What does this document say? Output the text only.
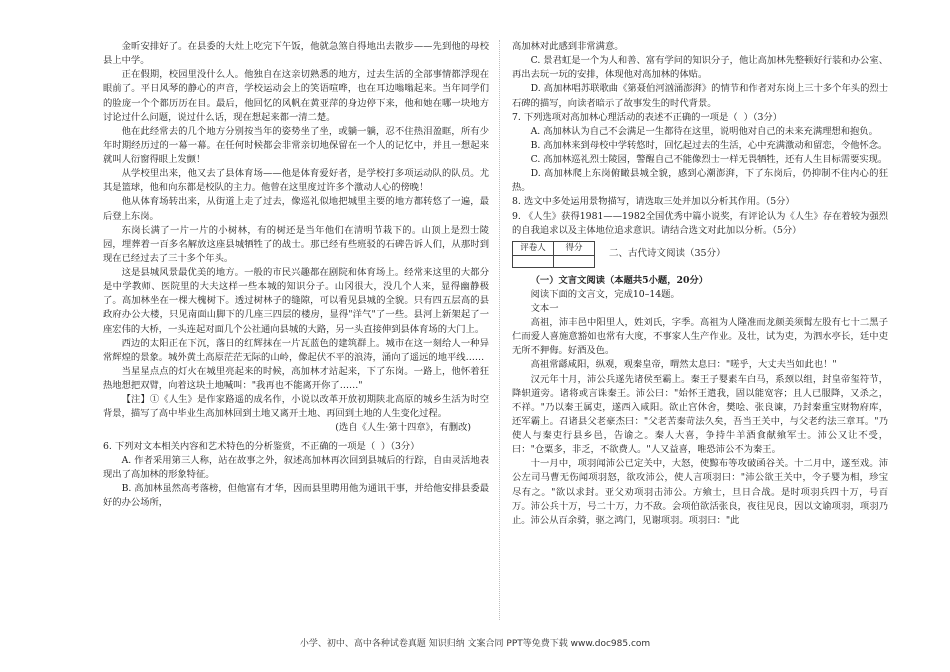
金昕安排好了。在县委的大灶上吃完下午饭，他就急煞自得地出去散步——先到他的母校县上中学。

正在假期，校园里没什么人。他独自在这亲切熟悉的地方，过去生活的全部事情都浮现在眼前了。平日风琴的静心的声音，学校运动会上的笑语喧哗，也在耳边嗡嗡起来。当年同学们的脸庞一个个都历历在目。最后，他回忆的风帆在黄亚萍的身边停下来，他和她在哪一块地方讨论过什么问题，说过什么话，现在想起来都一清二楚。

他在此经常去的几个地方分别按当年的姿势坐了坐，或躺一躺，忍不住热泪盈眶，所有少年时期经历过的一幕一幕。在任何时候都会非常亲切地保留在一个人的记忆中，并且一想起来就叫人衍窗得眼上发颤！

从学校里出来，他又去了县体育场——他是体育爱好者，是学校打多项运动队的队员。尤其是篮球，他和向东都是校队的主力。他曾在这里度过许多个激动人心的傍晚！

他从体育场转出来，从街道上走了过去，像巡礼似地把城里主要的地方都转悠了一遍，最后登上东岗。

东岗长满了一片一片的小树林，有的树还是当年他们在清明节栽下的。山顶上是烈士陵园，埋葬着一百多名解放这座县城牺牲了的战士。那已经有些班驳的石碑告诉人们，从那时到现在已经过去了三十多个年头。

这是县城风景最优美的地方。一般的市民兴趣都在剧院和体育场上。经常来这里的大都分是中学教师、医院里的大夫这样一些本城的知识分子。山冈很大，没几个人来，显得幽静极了。高加林坐在一棵大槐树下。透过树林子的缝隙，可以看见县城的全貌。只有四五层高的县政府办公大楼，只见南面山脚下的几座三四层的楼房，显得"洋气"了一些。县河上新架起了一座宏伟的大桥，一头连起对面几个公社通向县城的大路，另一头直接伸到县体育场的大门上。

西边的太阳正在下沉，落日的红辉抹在一片瓦蓝色的建筑群上。城市在这一刻给人一种异常辉煌的景象。城外黄土高原茫茫无际的山岭，像起伏不平的浪涛，涌向了遥远的地平线……

当星星点点的灯火在城里亮起来的时候，高加林才站起来，下了东岗。一路上，他怀着狂热地想把双臂，向着这块土地喊叫："我再也不能离开你了……"

【注】①《人生》是作家路遥的成名作，小说以改革开放初期陕北高原的城乡生活为时空背景，描写了高中毕业生高加林回到土地又离开土地、再回到土地的人生变化过程。

(选自《人生·第十四章》，有删改)

6. 下列对文本相关内容和艺术特色的分析鉴赏，不正确的一项是（  ）（3分）

A. 作者采用第三人称，站在故事之外，叙述高加林再次回到县城后的行踪，自由灵活地表现出了高加林的形象特征。

B. 高加林虽然高考落榜，但他富有才华，因而县里聘用他为通讯干事，并给他安排县委最好的办公场所，

高加林对此感到非常满意。

C. 景君虹是一个为人和善、富有学问的知识分子，他让高加林先整顿好行装和办公室、再出去玩一玩的安排，体现他对高加林的体贴。

D. 高加林唱苏联歌曲《第聂伯河汹涌澎湃》的情节和作者对东岗上三十多个年头的烈士石碑的描写，向读者暗示了故事发生的时代背景。

7. 下列选项对高加林心理活动的表述不正确的一项是（  ）（3分）

A. 高加林认为自己不会满足一生都待在这里，说明他对自己的未来充满理想和抱负。

B. 高加林来到母校中学转悠时，回忆起过去的生活，心中充满激动和留恋，令他怀念。

C. 高加林巡礼烈士陵园，警醒自己不能像烈士一样无畏牺牲，还有人生目标需要实现。

D. 高加林爬上东岗俯瞰县城全貌，感到心潮澎湃，下了东岗后，仍抑制不住内心的狂热。

8. 选文中多处运用景物描写，请选取三处并加以分析其作用。（5分）

9. 《人生》获得1981——1982全国优秀中篇小说奖，有评论认为《人生》存在着较为强烈的自我追求以及主体地位追求意识。请结合选文对此加以分析。（5分）

评卷人	得分

二、古代诗文阅读（35分）

（一）文言文阅读（本题共5小题，20分）

阅读下面的文言文，完成10–14题。

文本一

高祖，沛丰邑中阳里人，姓刘氏，字季。高祖为人隆准而龙颜美须髯左股有七十二黑子仁而爱人喜施意豁如也常有大度，不事家人生产作业。及壮，试为吏，为泗水亭长，廷中吏无所不狎侮。好酒及色。

高祖常繇咸阳，纵观，观秦皇帝，喟然太息曰："嗟乎，大丈夫当如此也！"

汉元年十月，沛公兵遂先诸侯至霸上。秦王子婴素车白马，系颈以组，封皇帝玺符节，降轵道旁。诸将或言诛秦王。沛公曰："始怀王遣我，固以能宽容；且人已服降，又杀之，不祥。"乃以秦王属吏，遂西入咸阳。欲止宫休舍，樊哙、张良谏，乃封秦重宝财物府库，还军霸上。召诸县父老豪杰曰："父老苦秦苛法久矣，吾当王关中，与父老约法三章耳。"乃使人与秦吏行县乡邑，告谕之。秦人大喜，争持牛羊酒食献飨军士。沛公又让不受，曰："仓粟多，非乏，不欲费人。"人又益喜，唯恐沛公不为秦王。

十一月中，项羽闻沛公已定关中，大怒，使黥布等攻破函谷关。十二月中，遂至戏。沛公左司马曹无伤闻项羽怒，欲攻沛公，使人言项羽曰："沛公欲王关中，令子婴为相，珍宝尽有之。"欲以求封。亚父劝项羽击沛公。方飨士，旦日合战。是时项羽兵四十万，号百万。沛公兵十万，号二十万，力不敌。会项伯欲活张良，夜往见良，因以文谕项羽，项羽乃止。沛公从百余骑，驱之鸿门，见谢项羽。项羽曰："此

小学、初中、高中各种试卷真题 知识归纳 文案合同 PPT等免费下载 www.doc985.com
